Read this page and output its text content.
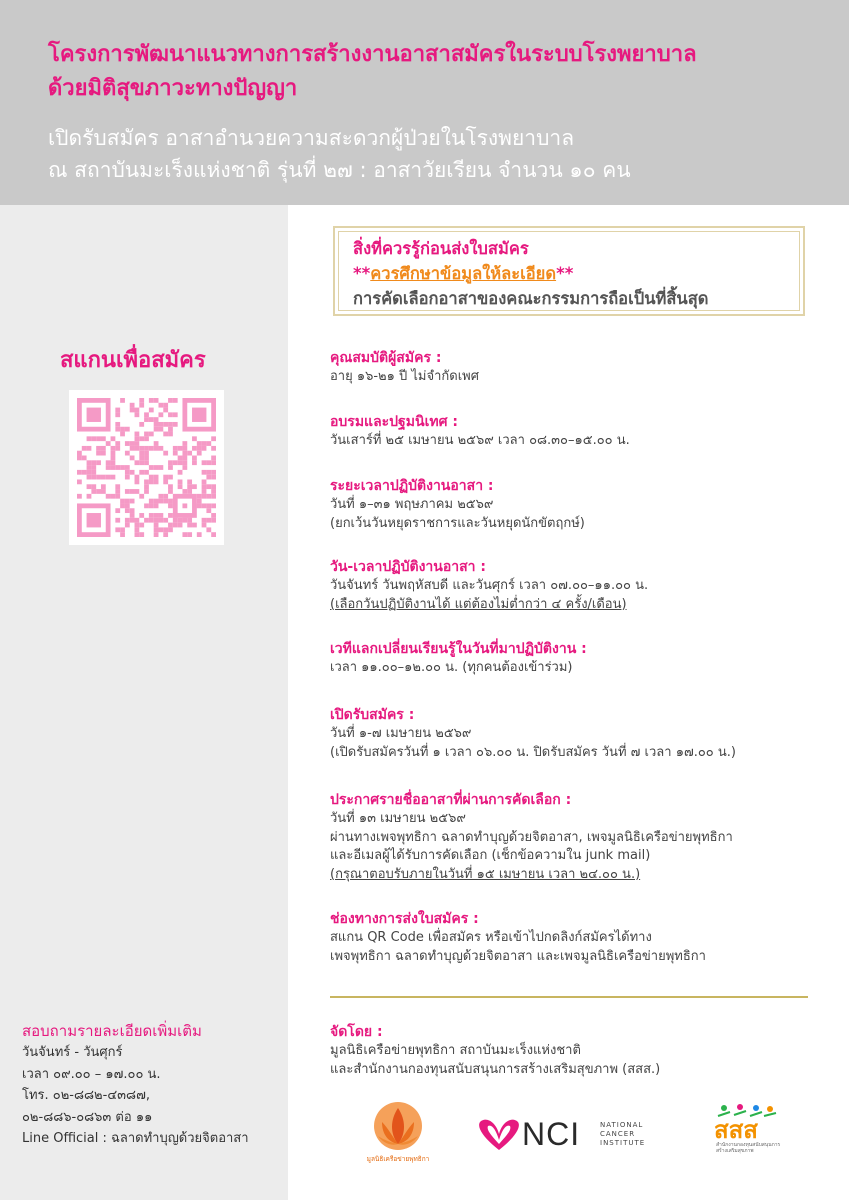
โครงการพัฒนาแนวทางการสร้างงานอาสาสมัครในระบบโรงพยาบาล
ด้วยมิติสุขภาวะทางปัญญา
เปิดรับสมัคร อาสาอำนวยความสะดวกผู้ป่วยในโรงพยาบาล
ณ สถาบันมะเร็งแห่งชาติ รุ่นที่ ๒๗ : อาสาวัยเรียน จำนวน ๑๐ คน
สิ่งที่ควรรู้ก่อนส่งใบสมัคร
**ควรศึกษาข้อมูลให้ละเอียด**
การคัดเลือกอาสาของคณะกรรมการถือเป็นที่สิ้นสุด
สแกนเพื่อสมัคร	คุณสมบัติผู้สมัคร :
อายุ ๑๖-๒๑ ปี ไม่จำกัดเพศ
อบรมและปฐมนิเทศ :
วันเสาร์ที่ ๒๕ เมษายน ๒๕๖๙ เวลา ๐๘.๓๐–๑๕.๐๐ น.
ระยะเวลาปฏิบัติงานอาสา :
วันที่ ๑–๓๑ พฤษภาคม ๒๕๖๙
(ยกเว้นวันหยุดราชการและวันหยุดนักขัตฤกษ์)
วัน-เวลาปฏิบัติงานอาสา :
วันจันทร์ วันพฤหัสบดี และวันศุกร์ เวลา ๐๗.๐๐–๑๑.๐๐ น.
(เลือกวันปฏิบัติงานได้ แต่ต้องไม่ต่ำกว่า ๔ ครั้ง/เดือน)
เวทีแลกเปลี่ยนเรียนรู้ในวันที่มาปฏิบัติงาน :
เวลา ๑๑.๐๐–๑๒.๐๐ น. (ทุกคนต้องเข้าร่วม)
เปิดรับสมัคร :
วันที่ ๑-๗ เมษายน ๒๕๖๙
(เปิดรับสมัครวันที่ ๑ เวลา ๐๖.๐๐ น. ปิดรับสมัคร วันที่ ๗ เวลา ๑๗.๐๐ น.)
ประกาศรายชื่ออาสาที่ผ่านการคัดเลือก :
วันที่ ๑๓ เมษายน ๒๕๖๙
ผ่านทางเพจพุทธิกา ฉลาดทำบุญด้วยจิตอาสา, เพจมูลนิธิเครือข่ายพุทธิกา
และอีเมลผู้ได้รับการคัดเลือก (เช็กข้อความใน junk mail)
(กรุณาตอบรับภายในวันที่ ๑๕ เมษายน เวลา ๒๔.๐๐ น.)
ช่องทางการส่งใบสมัคร :
สแกน QR Code เพื่อสมัคร หรือเข้าไปกดลิงก์สมัครได้ทาง
เพจพุทธิกา ฉลาดทำบุญด้วยจิตอาสา และเพจมูลนิธิเครือข่ายพุทธิกา
จัดโดย :
มูลนิธิเครือข่ายพุทธิกา สถาบันมะเร็งแห่งชาติ
และสำนักงานกองทุนสนับสนุนการสร้างเสริมสุขภาพ (สสส.)
สอบถามรายละเอียดเพิ่มเติม
วันจันทร์ - วันศุกร์
เวลา ๐๙.๐๐ – ๑๗.๐๐ น.
โทร. ๐๒-๘๘๒-๔๓๘๗,
๐๒-๘๘๖-๐๘๖๓ ต่อ ๑๑
Line Official : ฉลาดทำบุญด้วยจิตอาสา
มูลนิธิเครือข่ายพุทธิกา
NCI	NATIONAL
CANCER
INSTITUTE	สสส
สำนักงานกองทุนสนับสนุนการสร้างเสริมสุขภาพ
